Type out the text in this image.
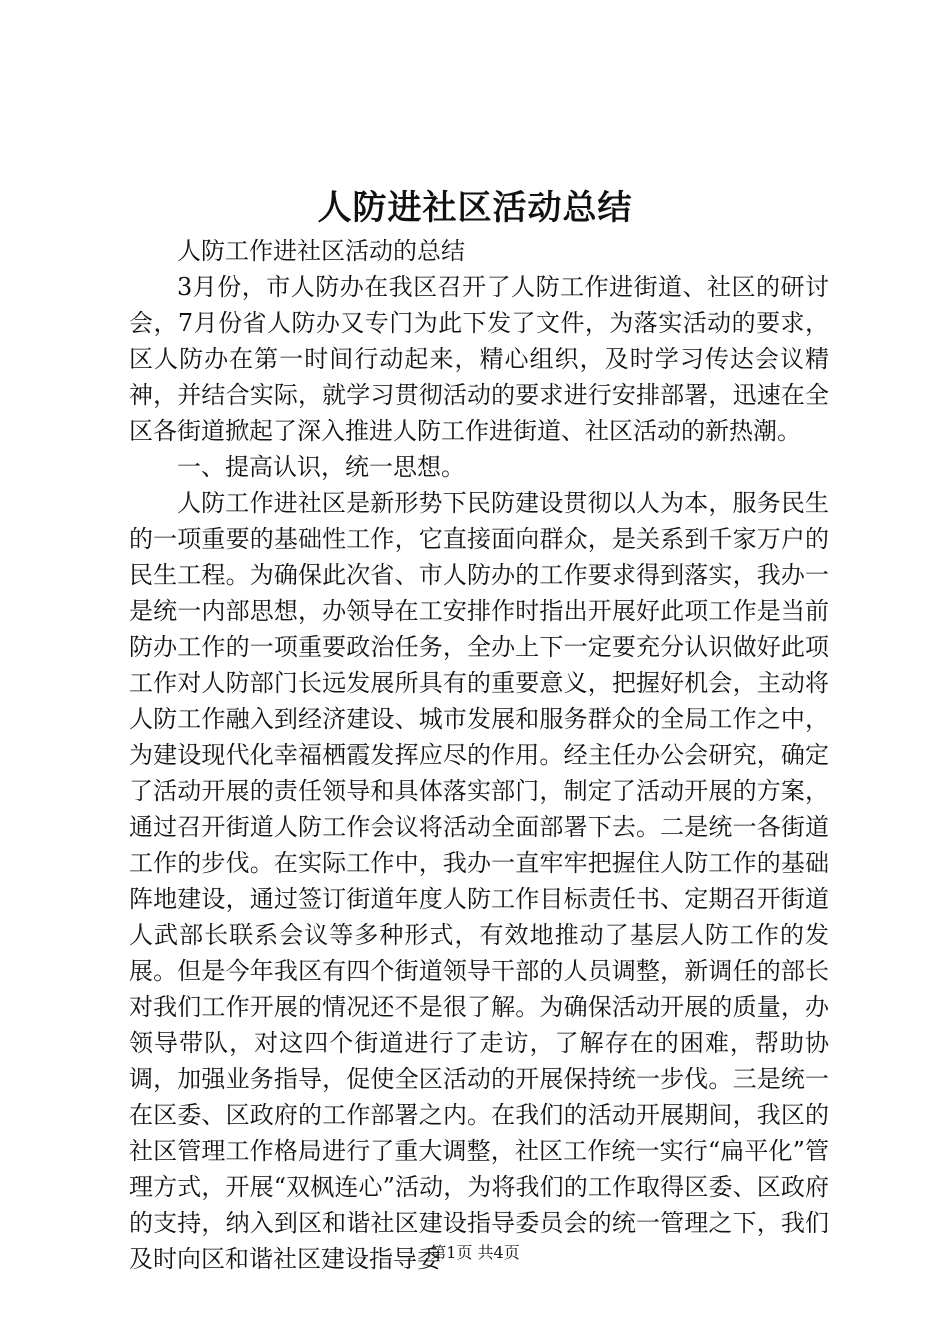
人防进社区活动总结

人防工作进社区活动的总结

3月份，市人防办在我区召开了人防工作进街道、社区的研讨会，7月份省人防办又专门为此下发了文件，为落实活动的要求，区人防办在第一时间行动起来，精心组织，及时学习传达会议精神，并结合实际，就学习贯彻活动的要求进行安排部署，迅速在全区各街道掀起了深入推进人防工作进街道、社区活动的新热潮。

一、提高认识，统一思想。

人防工作进社区是新形势下民防建设贯彻以人为本，服务民生的一项重要的基础性工作，它直接面向群众，是关系到千家万户的民生工程。为确保此次省、市人防办的工作要求得到落实，我办一是统一内部思想，办领导在工安排作时指出开展好此项工作是当前防办工作的一项重要政治任务，全办上下一定要充分认识做好此项工作对人防部门长远发展所具有的重要意义，把握好机会，主动将人防工作融入到经济建设、城市发展和服务群众的全局工作之中，为建设现代化幸福栖霞发挥应尽的作用。经主任办公会研究，确定了活动开展的责任领导和具体落实部门，制定了活动开展的方案，通过召开街道人防工作会议将活动全面部署下去。二是统一各街道工作的步伐。在实际工作中，我办一直牢牢把握住人防工作的基础阵地建设，通过签订街道年度人防工作目标责任书、定期召开街道人武部长联系会议等多种形式，有效地推动了基层人防工作的发展。但是今年我区有四个街道领导干部的人员调整，新调任的部长对我们工作开展的情况还不是很了解。为确保活动开展的质量，办领导带队，对这四个街道进行了走访，了解存在的困难，帮助协调，加强业务指导，促使全区活动的开展保持统一步伐。三是统一在区委、区政府的工作部署之内。在我们的活动开展期间，我区的社区管理工作格局进行了重大调整，社区工作统一实行“扁平化”管理方式，开展“双枫连心”活动，为将我们的工作取得区委、区政府的支持，纳入到区和谐社区建设指导委员会的统一管理之下，我们及时向区和谐社区建设指导委

第1页 共4页
